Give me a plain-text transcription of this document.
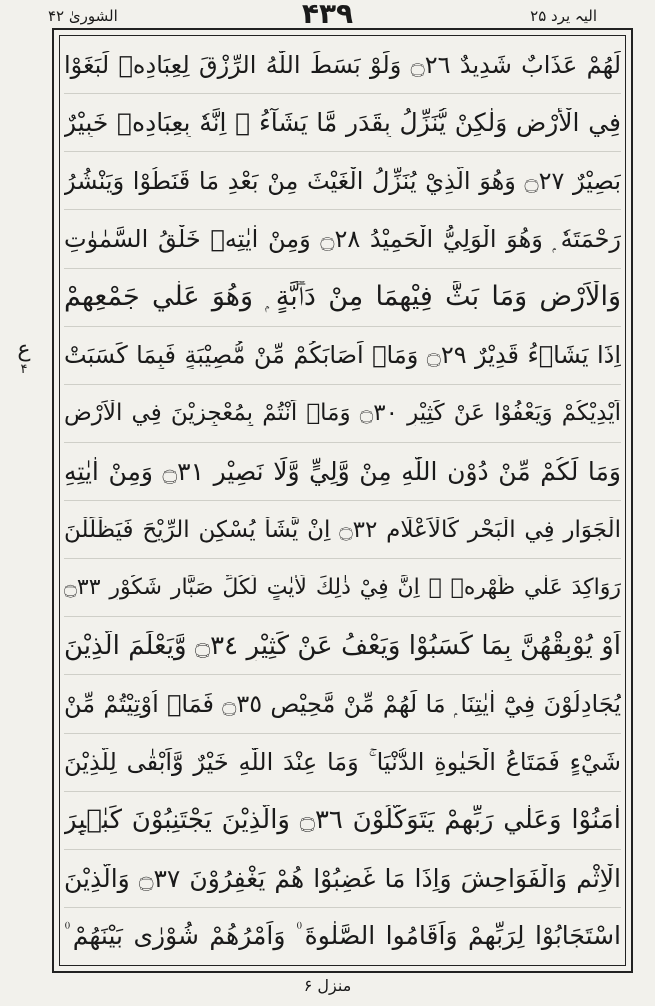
الشوریٰ ۴۲	۴۳۹	الیہ یرد ۲۵
ع
۴
لَهُمْ عَذَابٌ شَدِيدٌ ۝٢٦ وَلَوْ بَسَطَ اللّٰهُ الرِّزْقَ لِعِبَادِهٖ لَبَغَوْا
فِي الْأَرْضِ وَلٰكِنْ يُّنَزِّلُ بِقَدَرٍ مَّا يَشَآءُ ۭ اِنَّهٗ بِعِبَادِهٖ خَبِيْرٌ
بَصِيْرٌ ۝٢٧ وَهُوَ الَّذِيْ يُنَزِّلُ الْغَيْثَ مِنْ بَعْدِ مَا قَنَطُوْا وَيَنْشُرُ
رَحْمَتَهٗ ۭ وَهُوَ الْوَلِيُّ الْحَمِيْدُ ۝٢٨ وَمِنْ اٰيٰتِهٖ خَلْقُ السَّمٰوٰتِ
وَالْاَرْضِ وَمَا بَثَّ فِيْهِمَا مِنْ دَاۗبَّةٍ ۭ وَهُوَ عَلٰي جَمْعِهِمْ
اِذَا يَشَاۗءُ قَدِيْرٌ ۝٢٩ وَمَاۗ اَصَابَكُمْ مِّنْ مُّصِيْبَةٍ فَبِمَا كَسَبَتْ
اَيْدِيْكُمْ وَيَعْفُوْا عَنْ كَثِيْرٍ ۝٣٠ وَمَاۗ اَنْتُمْ بِمُعْجِزِيْنَ فِي الْاَرْضِ
وَمَا لَكُمْ مِّنْ دُوْنِ اللّٰهِ مِنْ وَّلِيٍّ وَّلَا نَصِيْرٍ ۝٣١ وَمِنْ اٰيٰتِهِ
الْجَوَارِ فِي الْبَحْرِ كَالْاَعْلَامِ ۝٣٢ اِنْ يَّشَاْ يُسْكِنِ الرِّيْحَ فَيَظْلَلْنَ
رَوَاكِدَ عَلٰي ظَهْرِهٖ ۭ اِنَّ فِيْ ذٰلِكَ لَاٰيٰتٍ لِّكُلِّ صَبَّارٍ شَكُوْرٍ ۝٣٣
اَوْ يُوْبِقْهُنَّ بِمَا كَسَبُوْا وَيَعْفُ عَنْ كَثِيْرٍ ۝٣٤ وَّيَعْلَمَ الَّذِيْنَ
يُجَادِلُوْنَ فِيْٓ اٰيٰتِنَا ۭ مَا لَهُمْ مِّنْ مَّحِيْصٍ ۝٣٥ فَمَاۗ اُوْتِيْتُمْ مِّنْ
شَيْءٍ فَمَتَاعُ الْحَيٰوةِ الدُّنْيَا ۚ وَمَا عِنْدَ اللّٰهِ خَيْرٌ وَّاَبْقٰى لِلَّذِيْنَ
اٰمَنُوْا وَعَلٰي رَبِّهِمْ يَتَوَكَّلُوْنَ ۝٣٦ وَالَّذِيْنَ يَجْتَنِبُوْنَ كَبٰۗىِٕرَ
الْاِثْمِ وَالْفَوَاحِشَ وَاِذَا مَا غَضِبُوْا هُمْ يَغْفِرُوْنَ ۝٣٧ وَالَّذِيْنَ
اسْتَجَابُوْا لِرَبِّهِمْ وَاَقَامُوا الصَّلٰوةَ ۠ وَاَمْرُهُمْ شُوْرٰى بَيْنَهُمْ ۠
منزل ۶
